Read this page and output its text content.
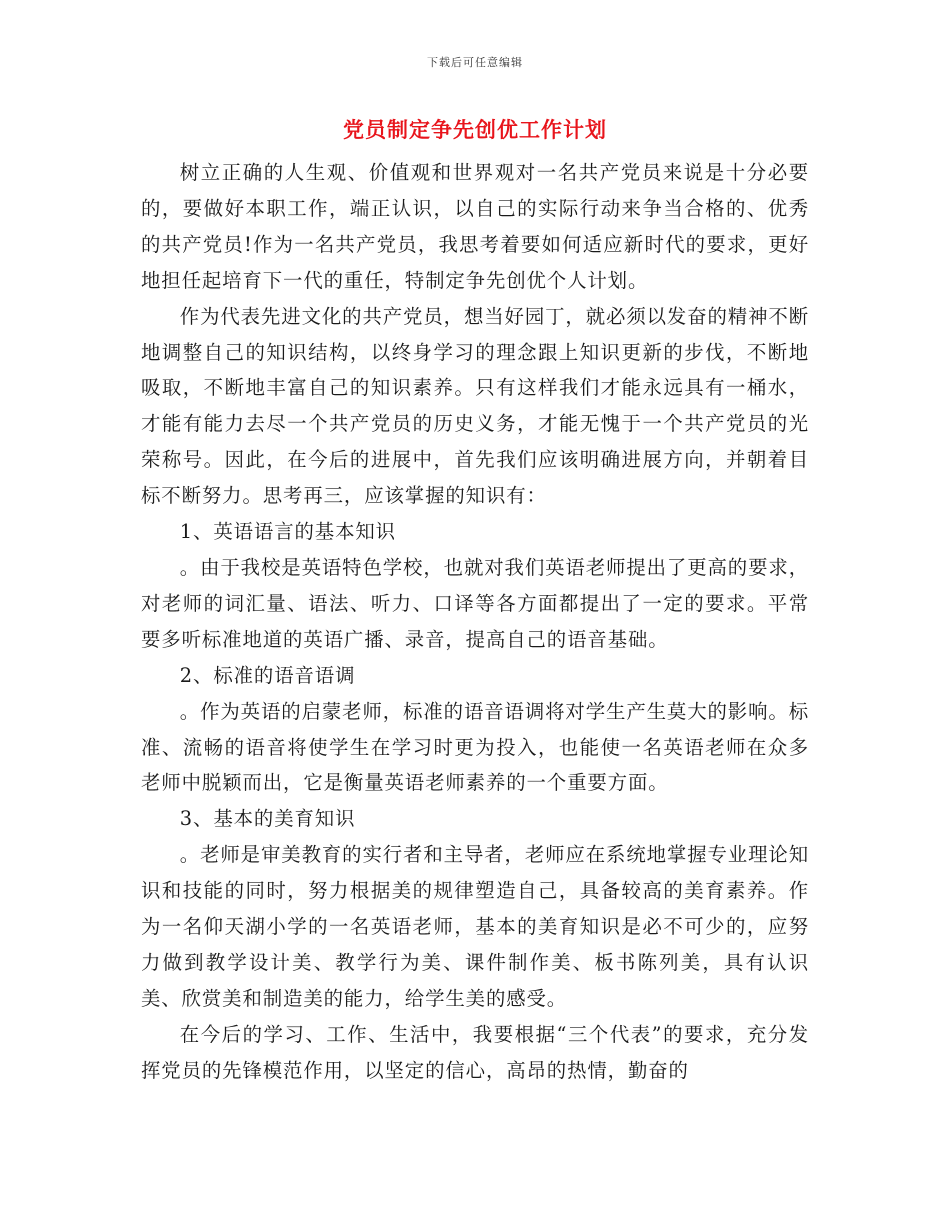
下载后可任意编辑
党员制定争先创优工作计划

树立正确的人生观、价值观和世界观对一名共产党员来说是十分必要的，要做好本职工作，端正认识，以自己的实际行动来争当合格的、优秀的共产党员!作为一名共产党员，我思考着要如何适应新时代的要求，更好地担任起培育下一代的重任，特制定争先创优个人计划。

作为代表先进文化的共产党员，想当好园丁，就必须以发奋的精神不断地调整自己的知识结构，以终身学习的理念跟上知识更新的步伐，不断地吸取，不断地丰富自己的知识素养。只有这样我们才能永远具有一桶水，才能有能力去尽一个共产党员的历史义务，才能无愧于一个共产党员的光荣称号。因此，在今后的进展中，首先我们应该明确进展方向，并朝着目标不断努力。思考再三，应该掌握的知识有：

1、英语语言的基本知识

。由于我校是英语特色学校，也就对我们英语老师提出了更高的要求，对老师的词汇量、语法、听力、口译等各方面都提出了一定的要求。平常要多听标准地道的英语广播、录音，提高自己的语音基础。

2、标准的语音语调

。作为英语的启蒙老师，标准的语音语调将对学生产生莫大的影响。标准、流畅的语音将使学生在学习时更为投入，也能使一名英语老师在众多老师中脱颖而出，它是衡量英语老师素养的一个重要方面。

3、基本的美育知识

。老师是审美教育的实行者和主导者，老师应在系统地掌握专业理论知识和技能的同时，努力根据美的规律塑造自己，具备较高的美育素养。作为一名仰天湖小学的一名英语老师，基本的美育知识是必不可少的，应努力做到教学设计美、教学行为美、课件制作美、板书陈列美，具有认识美、欣赏美和制造美的能力，给学生美的感受。

在今后的学习、工作、生活中，我要根据“三个代表”的要求，充分发挥党员的先锋模范作用，以坚定的信心，高昂的热情，勤奋的
